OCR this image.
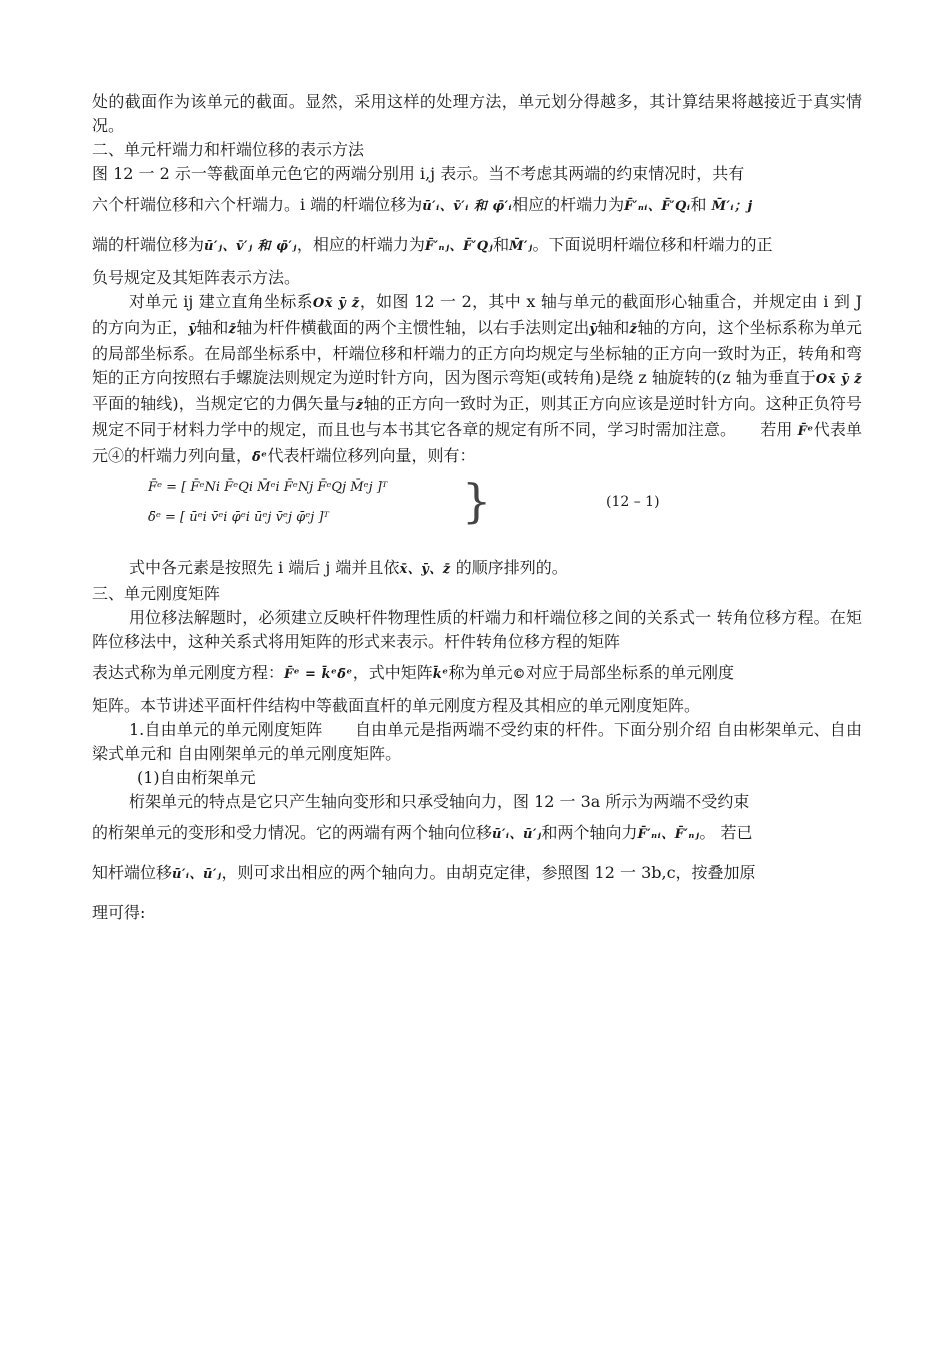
处的截面作为该单元的截面。显然，采用这样的处理方法，单元划分得越多，其计算结果将越接近于真实情况。

二、单元杆端力和杆端位移的表示方法

图 12 一 2 示一等截面单元色它的两端分别用 i,j 表示。当不考虑其两端的约束情况时，共有

六个杆端位移和六个杆端力。i 端的杆端位移为ū′ᵢ、v̄′ᵢ 和 φ̄′ᵢ相应的杆端力为F̄′ₙᵢ、F̄′Qᵢ和 M̄′ᵢ；j

端的杆端位移为ū′ⱼ、v̄′ⱼ 和 φ̄′ⱼ，相应的杆端力为F̄′ₙⱼ、F̄′Qⱼ和M̄′ⱼ。下面说明杆端位移和杆端力的正

负号规定及其矩阵表示方法。

对单元 ij 建立直角坐标系Ox̄ ȳ z̄，如图 12 一 2，其中 x 轴与单元的截面形心轴重合，并规定由 i 到 J 的方向为正，ȳ轴和z̄轴为杆件横截面的两个主惯性轴，以右手法则定出ȳ轴和z̄轴的方向，这个坐标系称为单元的局部坐标系。在局部坐标系中，杆端位移和杆端力的正方向均规定与坐标轴的正方向一致时为正，转角和弯矩的正方向按照右手螺旋法则规定为逆时针方向，因为图示弯矩(或转角)是绕 z 轴旋转的(z 轴为垂直于Ox̄ ȳ z̄平面的轴线)，当规定它的力偶矢量与z̄轴的正方向一致时为正，则其正方向应该是逆时针方向。这种正负符号规定不同于材料力学中的规定，而且也与本书其它各章的规定有所不同，学习时需加注意。　　若用 F̄ᵉ代表单元④的杆端力列向量，δ̄ᵉ代表杆端位移列向量，则有：

F̄ᵉ = [ F̄ᵉNi F̄ᵉQi M̄ᵉi F̄ᵉNj F̄ᵉQj M̄ᵉj ]ᵀ
δ̄ᵉ = [ ūᵉi v̄ᵉi φ̄ᵉi ūᵉj v̄ᵉj φ̄ᵉj ]ᵀ	}	(12 – 1)

式中各元素是按照先 i 端后 j 端并且依x̄、ȳ、z̄ 的顺序排列的。

三、单元刚度矩阵

用位移法解题时，必须建立反映杆件物理性质的杆端力和杆端位移之间的关系式一 转角位移方程。在矩阵位移法中，这种关系式将用矩阵的形式来表示。杆件转角位移方程的矩阵

表达式称为单元刚度方程：F̄ᵉ = k̄ᵉδ̄ᵉ，式中矩阵k̄ᵉ称为单元©对应于局部坐标系的单元刚度

矩阵。本节讲述平面杆件结构中等截面直杆的单元刚度方程及其相应的单元刚度矩阵。

1.自由单元的单元刚度矩阵　　自由单元是指两端不受约束的杆件。下面分别介绍 自由彬架单元、自由梁式单元和 自由刚架单元的单元刚度矩阵。

(1)自由桁架单元

桁架单元的特点是它只产生轴向变形和只承受轴向力，图 12 一 3a 所示为两端不受约束

的桁架单元的变形和受力情况。它的两端有两个轴向位移ū′ᵢ、ū′ⱼ和两个轴向力F̄′ₙᵢ、F̄′ₙⱼ。 若已

知杆端位移ū′ᵢ、ū′ⱼ，则可求出相应的两个轴向力。由胡克定律，参照图 12 一 3b,c，按叠加原

理可得:
